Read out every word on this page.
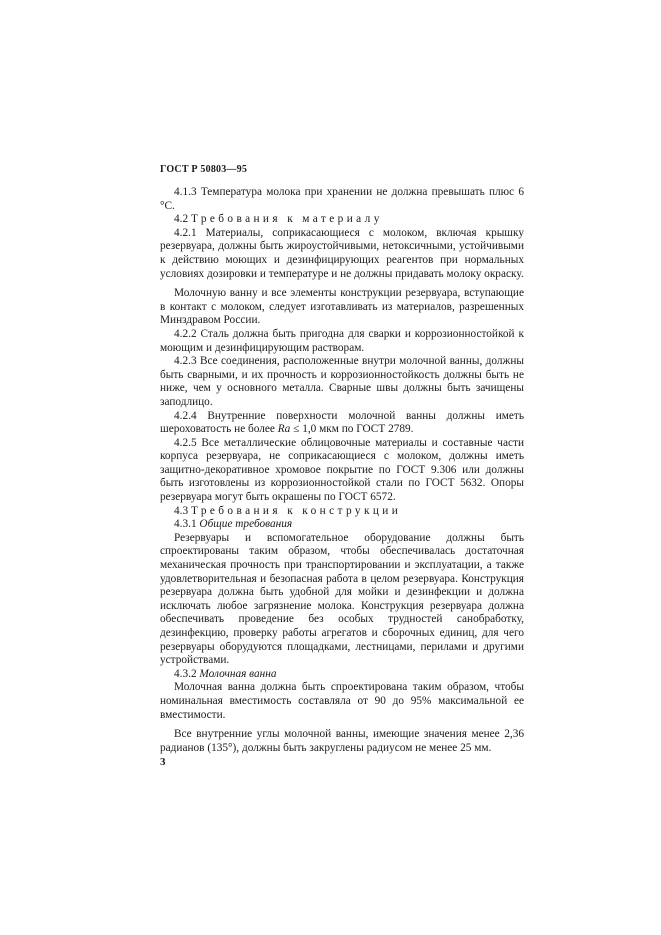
ГОСТ Р 50803—95

4.1.3 Температура молока при хранении не должна превышать плюс 6 °С.

4.2 Требования к материалу

4.2.1 Материалы, соприкасающиеся с молоком, включая крышку резервуара, должны быть жироустойчивыми, нетоксичными, устойчивыми к действию моющих и дезинфицирующих реагентов при нормальных условиях дозировки и температуре и не должны придавать молоку окраску.

Молочную ванну и все элементы конструкции резервуара, вступающие в контакт с молоком, следует изготавливать из материалов, разрешенных Минздравом России.

4.2.2 Сталь должна быть пригодна для сварки и коррозионностойкой к моющим и дезинфицирующим растворам.

4.2.3 Все соединения, расположенные внутри молочной ванны, должны быть сварными, и их прочность и коррозионностойкость должны быть не ниже, чем у основного металла. Сварные швы должны быть зачищены заподлицо.

4.2.4 Внутренние поверхности молочной ванны должны иметь шероховатость не более Ra ≤ 1,0 мкм по ГОСТ 2789.

4.2.5 Все металлические облицовочные материалы и составные части корпуса резервуара, не соприкасающиеся с молоком, должны иметь защитно-декоративное хромовое покрытие по ГОСТ 9.306 или должны быть изготовлены из коррозионностойкой стали по ГОСТ 5632. Опоры резервуара могут быть окрашены по ГОСТ 6572.

4.3 Требования к конструкции

4.3.1 Общие требования

Резервуары и вспомогательное оборудование должны быть спроектированы таким образом, чтобы обеспечивалась достаточная механическая прочность при транспортировании и эксплуатации, а также удовлетворительная и безопасная работа в целом резервуара. Конструкция резервуара должна быть удобной для мойки и дезинфекции и должна исключать любое загрязнение молока. Конструкция резервуара должна обеспечивать проведение без особых трудностей санобработку, дезинфекцию, проверку работы агрегатов и сборочных единиц, для чего резервуары оборудуются площадками, лестницами, перилами и другими устройствами.

4.3.2 Молочная ванна

Молочная ванна должна быть спроектирована таким образом, чтобы номинальная вместимость составляла от 90 до 95% максимальной ее вместимости.

Все внутренние углы молочной ванны, имеющие значения менее 2,36 радианов (135°), должны быть закруглены радиусом не менее 25 мм.

3
